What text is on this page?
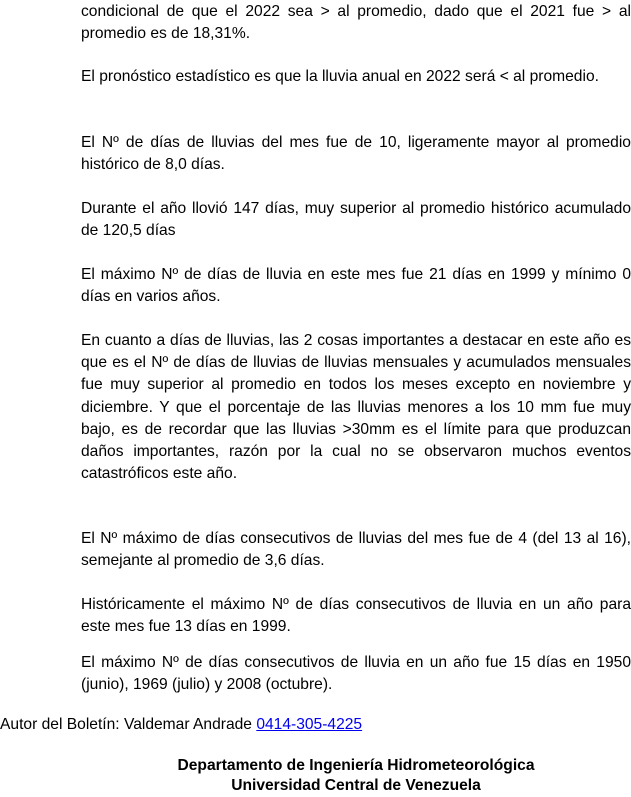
condicional de que el 2022 sea > al promedio, dado que el 2021 fue > al promedio es de 18,31%.

El pronóstico estadístico es que la lluvia anual en 2022 será < al promedio.

El Nº de días de lluvias del mes fue de 10, ligeramente mayor al promedio histórico de 8,0 días.

Durante el año llovió 147 días, muy superior al promedio histórico acumulado de 120,5 días

El máximo Nº de días de lluvia en este mes fue 21 días en 1999 y mínimo 0 días en varios años.

En cuanto a días de lluvias, las 2 cosas importantes a destacar en este año es que es el Nº de días de lluvias de lluvias mensuales y acumulados mensuales fue muy superior al promedio en todos los meses excepto en noviembre y diciembre. Y que el porcentaje de las lluvias menores a los 10 mm fue muy bajo, es de recordar que las lluvias >30mm es el límite para que produzcan daños importantes, razón por la cual no se observaron muchos eventos catastróficos este año.

El Nº máximo de días consecutivos de lluvias del mes fue de 4 (del 13 al 16), semejante al promedio de 3,6 días.

Históricamente el máximo Nº de días consecutivos de lluvia en un año para este mes fue 13 días en 1999.

El máximo Nº de días consecutivos de lluvia en un año fue 15 días en 1950 (junio), 1969 (julio) y 2008 (octubre).

Autor del Boletín: Valdemar Andrade 0414-305-4225
Departamento de Ingeniería Hidrometeorológica
Universidad Central de Venezuela
